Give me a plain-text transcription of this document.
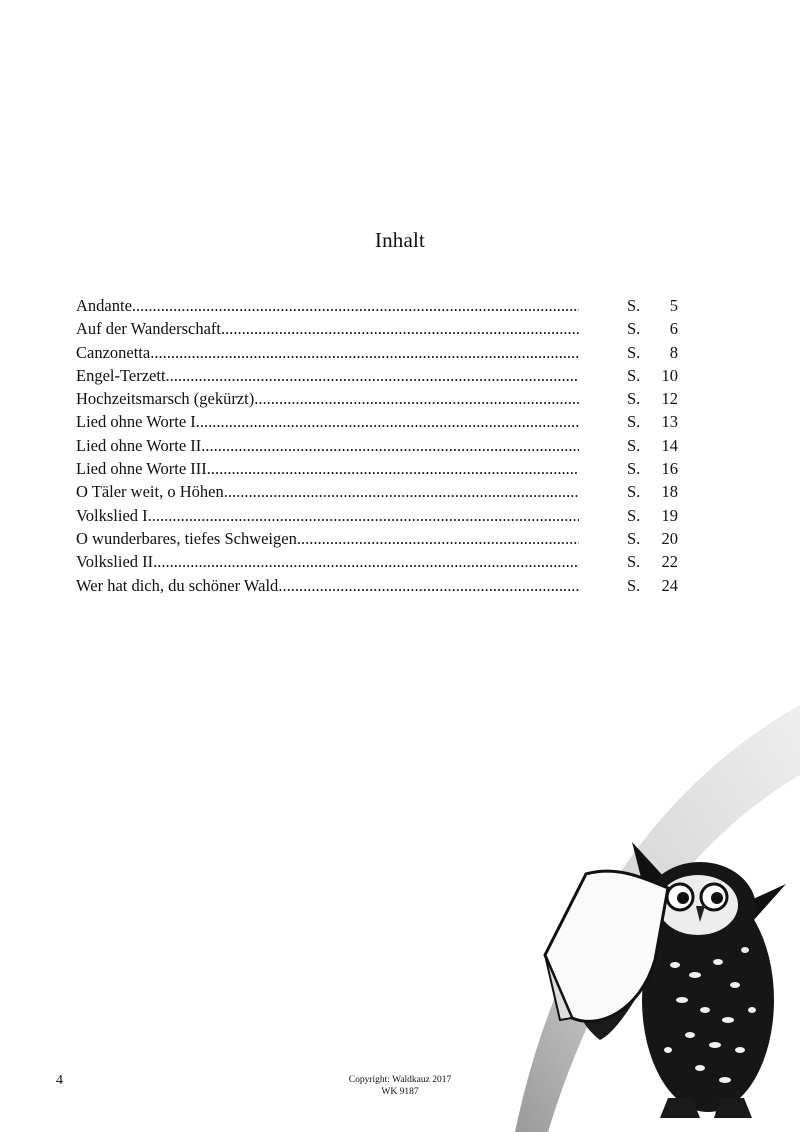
Inhalt
Andante .....	S. 5
Auf der Wanderschaft .....	S. 6
Canzonetta .....	S. 8
Engel-Terzett .....	S. 10
Hochzeitsmarsch (gekürzt) .....	S. 12
Lied ohne Worte I .....	S. 13
Lied ohne Worte II .....	S. 14
Lied ohne Worte III .....	S. 16
O Täler weit, o Höhen .....	S. 18
Volkslied I .....	S. 19
O wunderbares, tiefes Schweigen .....	S. 20
Volkslied II .....	S. 22
Wer hat dich, du schöner Wald .....	S. 24
4	Copyright: Waldkauz 2017
WK 9187
